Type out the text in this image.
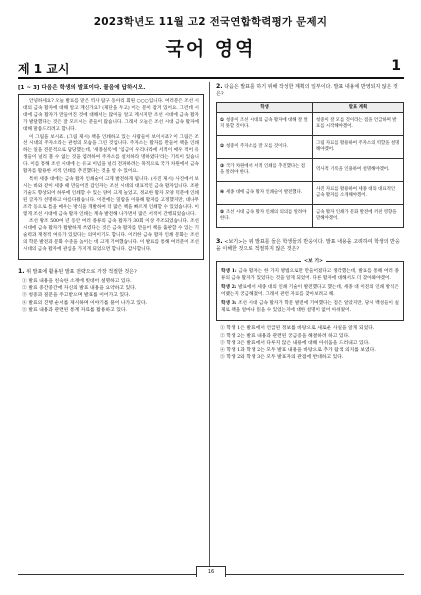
2023학년도 11월 고2 전국연합학력평가 문제지
국어 영역
제 1 교시	1
[1 ~ 3] 다음은 학생의 발표이다. 물음에 답하시오.

안녕하세요? 오늘 발표를 맡은 역사 탐구 동아리 회원 ○○○입니다. 여러분은 조선 시대의 금속 활자에 대해 알고 계신가요? (제단을 두고) 이는 문이 잠겨 있어요. 그런데 시대에 금속 활자가 만들어진 것에 대해서는 많이들 알고 계시지만 조선 시대에 금속 활자가 발달했다는 것은 잘 모르시는 분들이 많습니다. 그래서 오늘은 조선 시대 금속 활자에 대해 말씀드리려고 합니다.

이 그림을 보시죠. (그림 제시) 책을 인쇄하고 있는 사람들이 보이시죠? 이 그림은 조선 시대의 주자소라는 관청의 모습을 그린 것입니다. 주자소는 활자를 만들어 책을 인쇄하는 일을 전문적으로 담당했는데, '세종실록'에 '임금이 우리나라에 서적이 매우 적어 유생들이 널리 볼 수 없는 것을 염려하여 주자소를 설치하라 명하였다'라는 기록이 있습니다. 이를 통해 조선 시대에 는 유교 이념을 널리 전파하려는 목적으로 국가 차원에서 금속 활자를 활용한 서적 인쇄를 추진했다는 것을 알 수 있어요.

특히 세종 대에는 금속 활자 인쇄술이 크게 발전하게 됩니다. (사진 제시) 사진에서 보시는 바와 같이 세종 때 만들어진 갑인자는 조선 시대의 대표적인 금속 활자입니다. 조판 기술도 향상되어 하루에 인쇄할 수 있는 양이 크게 늘었고, 정교한 활자 모양 덕분에 인쇄된 글자가 선명하고 아름다웠습니다. 이전에는 밀랍을 이용해 활자를 고정했지만, 대나무 조각 등으로 틈을 메우는 방식을 개발하여 더 많은 책을 빠르게 인쇄할 수 있었습니다. 이렇게 조선 시대에 금속 활자 인쇄는 계속 발전해 나가면서 많은 서적이 간행되었습니다.

조선 왕조 500여 년 동안 여러 종류의 금속 활자가 30회 이상 주조되었습니다. 조선 시대에 금속 활자가 활발하게 쓰였다는 것은 금속 활자를 만들어 책을 출판할 수 있는 기술력과 재정적 여유가 있었다는 의미이기도 합니다. 이러한 금속 활자 인쇄 문화는 조선의 학문 발전과 문화 수준을 높이는 데 크게 기여했습니다. 이 발표를 통해 여러분이 조선 시대의 금속 활자에 관심을 가지게 되었으면 합니다. 감사합니다.

1. 위 발표에 활용된 발표 전략으로 가장 적절한 것은?
① 발표 내용을 친숙한 소재에 빗대어 설명하고 있다.
② 발표 중간중간에 자신의 발표 내용을 요약하고 있다.
③ 청중과 질문을 주고받으며 발표를 이어가고 있다.
④ 발표의 진행 순서를 제시하며 이야기를 풀어 나가고 있다.
⑤ 발표 내용과 관련된 통계 자료를 활용하고 있다.
2. 다음은 발표를 하기 위해 작성한 계획의 일부이다. 발표 내용에 반영되지 않은 것은?
학생	발표 계획
① 청중이 조선 시대의 금속 활자에 대해 잘 알지 못할 것이다.	청중이 잘 모를 것이라는 점을 언급하며 발표를 시작해야겠어.
② 청중이 주자소를 잘 모를 것이다.	그림 자료를 활용하여 주자소의 역할을 설명해야겠어.
③ 국가 차원에서 서적 인쇄를 추진했다는 점을 알려야 한다.	역사적 기록을 인용하여 설명해야겠어.
④ 세종 대에 금속 활자 인쇄술이 발전했다.	사진 자료를 활용하여 세종 대의 대표적인 금속 활자를 소개해야겠어.
⑤ 조선 시대 금속 활자 인쇄의 의의를 알려야 한다.	금속 활자 인쇄가 문화 발전에 끼친 영향을 말해야겠어.
3. <보기>는 위 발표를 들은 학생들의 반응이다. 발표 내용을 고려하여 학생의 반응을 이해한 것으로 적절하지 않은 것은?
<보 기>

학생 1: 금속 활자는 한 가지 방법으로만 만들어졌다고 생각했는데, 발표를 통해 여러 종류의 금속 활자가 있었다는 것을 알게 되었어. 다른 활자에 대해서도 더 찾아봐야겠어.

학생 2: 발표에서 세종 대의 인쇄 기술이 발전했다고 했는데, 세종 대 이전의 인쇄 방식은 어땠는지 궁금해졌어. 그래서 관련 자료를 찾아보려고 해.

학생 3: 조선 시대 금속 활자가 학문 발전에 기여했다는 점은 알았지만, 당시 백성들이 실제로 책을 얼마나 읽을 수 있었는지에 대한 설명이 없어 아쉬웠어.

① 학생 1은 발표에서 언급된 정보를 바탕으로 새로운 사실을 알게 되었다.
② 학생 2는 발표 내용과 관련된 궁금증을 해결하려 하고 있다.
③ 학생 3은 발표에서 다루지 않은 내용에 대해 아쉬움을 드러내고 있다.
④ 학생 1과 학생 2는 모두 발표 내용을 바탕으로 추가 탐색 의지를 보였다.
⑤ 학생 2와 학생 3은 모두 발표자의 관점에 반대하고 있다.
16
